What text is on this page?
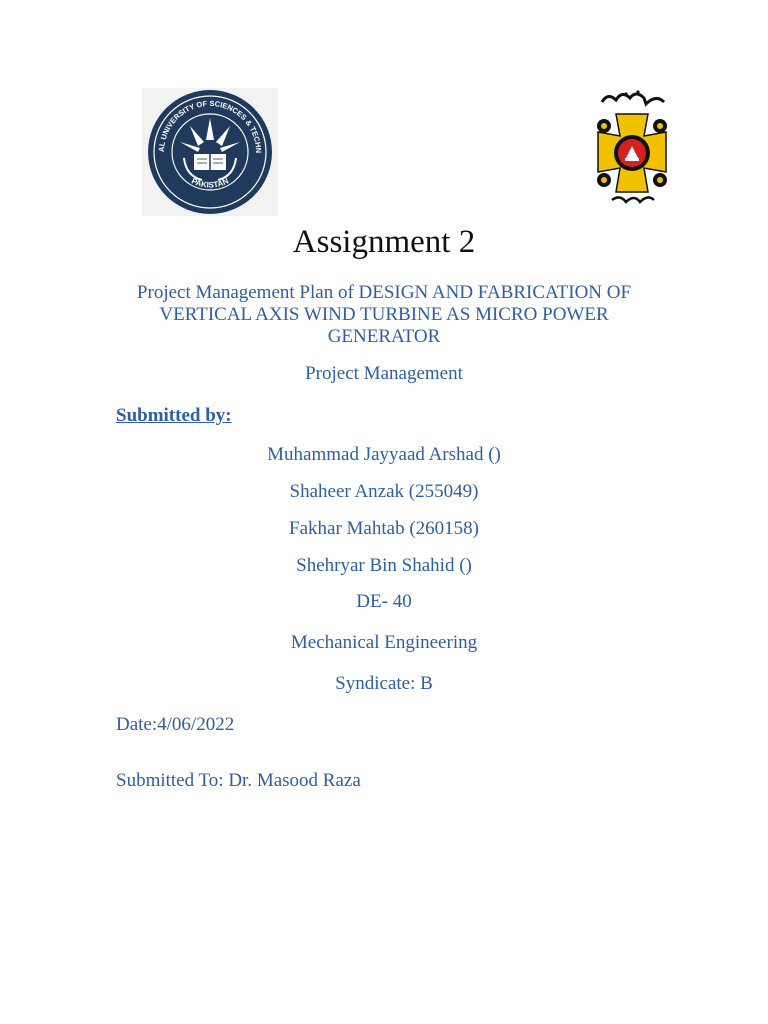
AL UNIVERSITY OF SCIENCES & TECHN
PAKISTAN
Assignment 2
Project Management Plan of DESIGN AND FABRICATION OF VERTICAL AXIS WIND TURBINE AS MICRO POWER GENERATOR
Project Management
Submitted by:
Muhammad Jayyaad Arshad ()
Shaheer Anzak (255049)
Fakhar Mahtab (260158)
Shehryar Bin Shahid ()
DE- 40
Mechanical Engineering
Syndicate: B
Date:4/06/2022
Submitted To: Dr. Masood Raza
